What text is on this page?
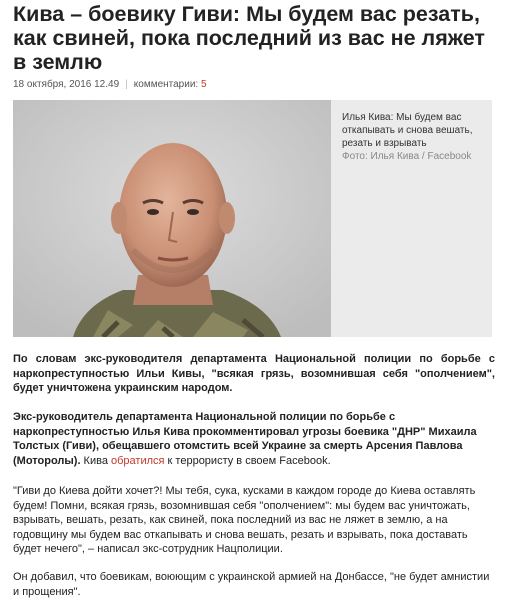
Кива – боевику Гиви: Мы будем вас резать, как свиней, пока последний из вас не ляжет в землю
18 октября, 2016 12.49 | комментарии: 5
Илья Кива: Мы будем вас откапывать и снова вешать, резать и взрывать
Фото: Илья Кива / Facebook

По словам экс-руководителя департамента Национальной полиции по борьбе с наркопреступностью Ильи Кивы, "всякая грязь, возомнившая себя "ополчением", будет уничтожена украинским народом.

Экс-руководитель департамента Национальной полиции по борьбе с наркопреступностью Илья Кива прокомментировал угрозы боевика "ДНР" Михаила Толстых (Гиви), обещавшего отомстить всей Украине за смерть Арсения Павлова (Моторолы). Кива обратился к террористу в своем Facebook.

"Гиви до Киева дойти хочет?! Мы тебя, сука, кусками в каждом городе до Киева оставлять будем! Помни, всякая грязь, возомнившая себя "ополчением": мы будем вас уничтожать, взрывать, вешать, резать, как свиней, пока последний из вас не ляжет в землю, а на годовщину мы будем вас откапывать и снова вешать, резать и взрывать, пока доставать будет нечего", – написал экс-сотрудник Нацполиции.

Он добавил, что боевикам, воюющим с украинской армией на Донбассе, "не будет амнистии и прощения".
